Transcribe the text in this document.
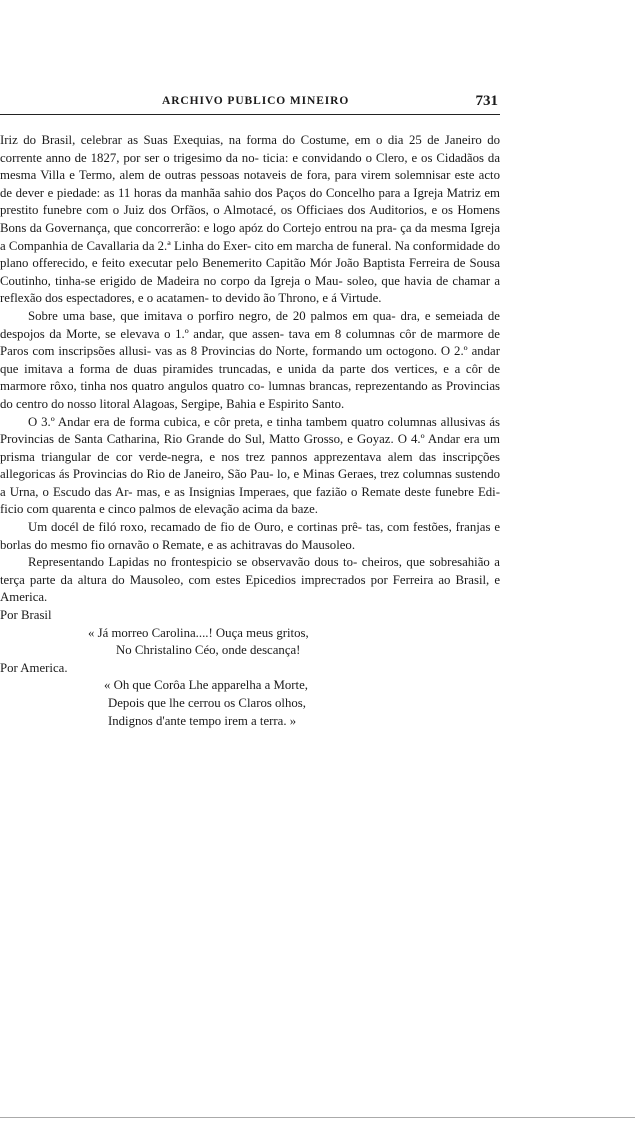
ARCHIVO PUBLICO MINEIRO	731

Iriz do Brasil, celebrar as Suas Exequias, na forma do Costume, em o dia 25 de Janeiro do corrente anno de 1827, por ser o trigesimo da no- ticia: e convidando o Clero, e os Cidadãos da mesma Villa e Termo, alem de outras pessoas notaveis de fora, para virem solemnisar este acto de dever e piedade: as 11 horas da manhãa sahio dos Paços do Concelho para a Igreja Matriz em prestito funebre com o Juiz dos Orfãos, o Almotacé, os Officiaes dos Auditorios, e os Homens Bons da Governança, que concorrerão: e logo apóz do Cortejo entrou na pra- ça da mesma Igreja a Companhia de Cavallaria da 2.ª Linha do Exer- cito em marcha de funeral. Na conformidade do plano offerecido, e feito executar pelo Benemerito Capitão Mór João Baptista Ferreira de Sousa Coutinho, tinha-se erigido de Madeira no corpo da Igreja o Mau- soleo, que havia de chamar a reflexão dos espectadores, e o acatamen- to devido ão Throno, e á Virtude.

Sobre uma base, que imitava o porfiro negro, de 20 palmos em qua- dra, e semeiada de despojos da Morte, se elevava o 1.º andar, que assen- tava em 8 columnas côr de marmore de Paros com inscripsões allusi- vas as 8 Provincias do Norte, formando um octogono. O 2.º andar que imitava a forma de duas piramides truncadas, e unida da parte dos vertices, e a côr de marmore rôxo, tinha nos quatro angulos quatro co- lumnas brancas, reprezentando as Provincias do centro do nosso litoral Alagoas, Sergipe, Bahia e Espirito Santo.

O 3.º Andar era de forma cubica, e côr preta, e tinha tambem quatro columnas allusivas ás Provincias de Santa Catharina, Rio Grande do Sul, Matto Grosso, e Goyaz. O 4.º Andar era um prisma triangular de cor verde-negra, e nos trez pannos apprezentava alem das inscripções allegoricas ás Provincias do Rio de Janeiro, São Pau- lo, e Minas Geraes, trez columnas sustendo a Urna, o Escudo das Ar- mas, e as Insignias Imperaes, que fazião o Remate deste funebre Edi- ficio com quarenta e cinco palmos de elevação acima da baze.

Um docél de filó roxo, recamado de fio de Ouro, e cortinas prê- tas, com festões, franjas e borlas do mesmo fio ornavão o Remate, e as achitravas do Mausoleo.

Representando Lapidas no frontespicio se observavão dous to- cheiros, que sobresahião a terça parte da altura do Mausoleo, com estes Epicedios impreстados por Ferreira ao Brasil, e America.

Por Brasil

« Já morreo Carolina....! Ouça meus gritos,

No Christalino Céo, onde descança!

Por America.

« Oh que Corôa Lhe apparelha a Morte,

Depois que lhe cerrou os Claros olhos,

Indignos d'ante tempo irem a terra. »
